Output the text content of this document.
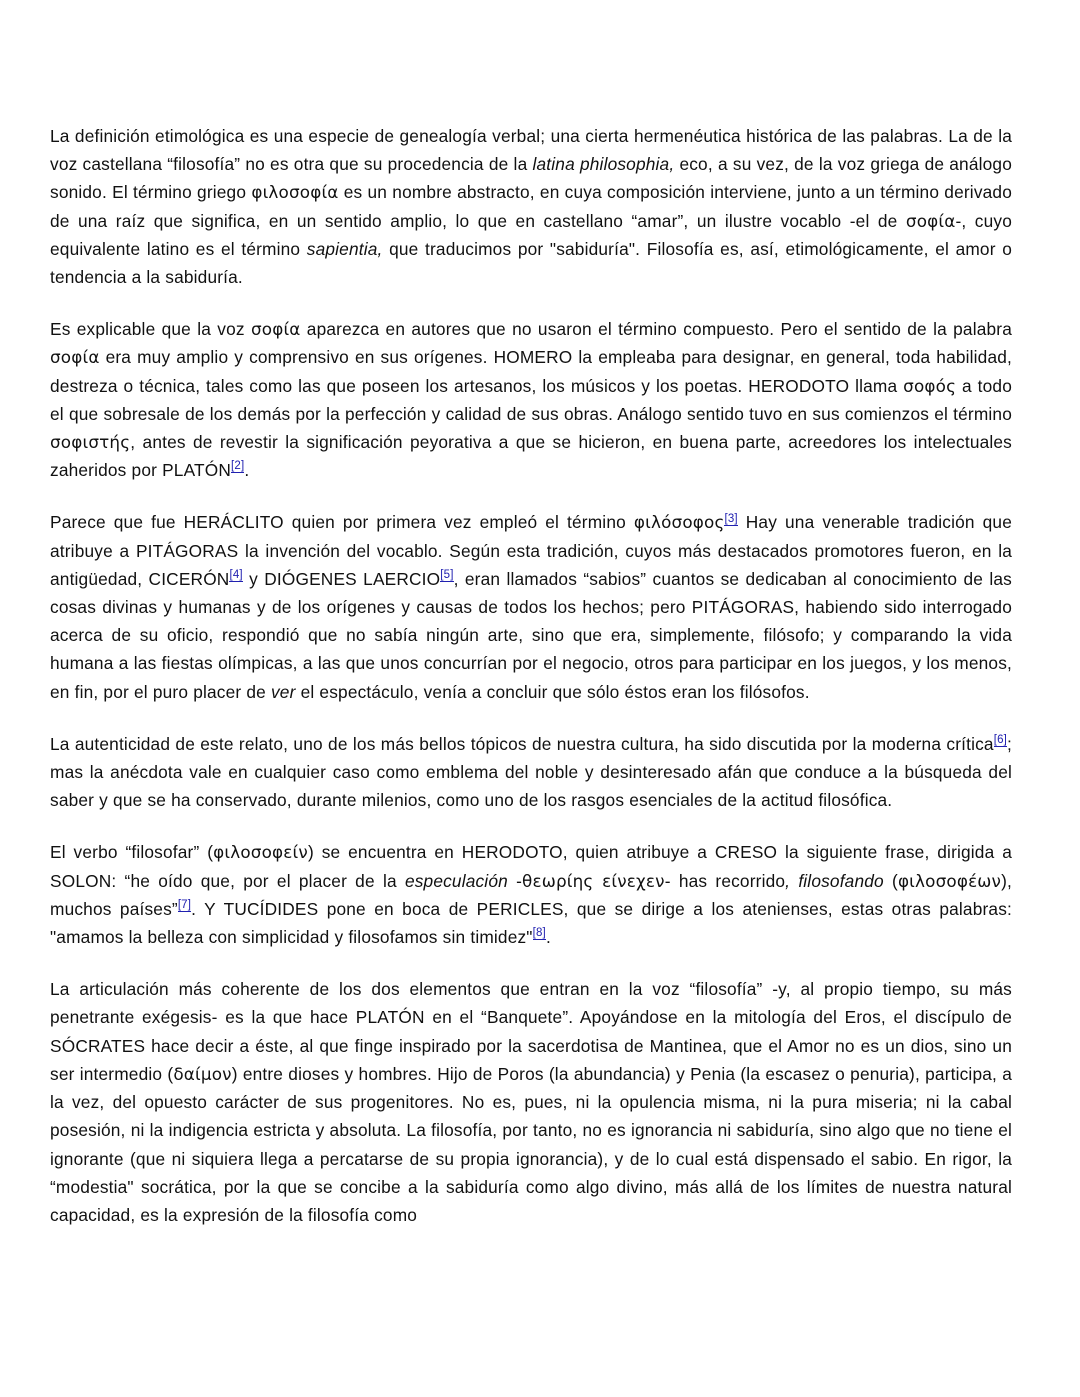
La definición etimológica es una especie de genealogía verbal; una cierta hermenéutica histórica de las palabras. La de la voz castellana “filosofía” no es otra que su procedencia de la latina philosophia, eco, a su vez, de la voz griega de análogo sonido. El término griego φιλοσοφία es un nombre abstracto, en cuya composición interviene, junto a un término derivado de una raíz que significa, en un sentido amplio, lo que en castellano “amar”, un ilustre vocablo -el de σοφία-, cuyo equivalente latino es el término sapientia, que traducimos por "sabiduría". Filosofía es, así, etimológicamente, el amor o tendencia a la sabiduría.

Es explicable que la voz σοφία aparezca en autores que no usaron el término compuesto. Pero el sentido de la palabra σοφία era muy amplio y comprensivo en sus orígenes. HOMERO la empleaba para designar, en general, toda habilidad, destreza o técnica, tales como las que poseen los artesanos, los músicos y los poetas. HERODOTO llama σοφός a todo el que sobresale de los demás por la perfección y calidad de sus obras. Análogo sentido tuvo en sus comienzos el término σοφιστής, antes de revestir la significación peyorativa a que se hicieron, en buena parte, acreedores los intelectuales zaheridos por PLATÓN[2].

Parece que fue HERÁCLITO quien por primera vez empleó el término φιλόσοφος[3] Hay una venerable tradición que atribuye a PITÁGORAS la invención del vocablo. Según esta tradición, cuyos más destacados promotores fueron, en la antigüedad, CICERÓN[4] y DIÓGENES LAERCIO[5], eran llamados “sabios” cuantos se dedicaban al conocimiento de las cosas divinas y humanas y de los orígenes y causas de todos los hechos; pero PITÁGORAS, habiendo sido interrogado acerca de su oficio, respondió que no sabía ningún arte, sino que era, simplemente, filósofo; y comparando la vida humana a las fiestas olímpicas, a las que unos concurrían por el negocio, otros para participar en los juegos, y los menos, en fin, por el puro placer de ver el espectáculo, venía a concluir que sólo éstos eran los filósofos.

La autenticidad de este relato, uno de los más bellos tópicos de nuestra cultura, ha sido discutida por la moderna crítica[6]; mas la anécdota vale en cualquier caso como emblema del noble y desinteresado afán que conduce a la búsqueda del saber y que se ha conservado, durante milenios, como uno de los rasgos esenciales de la actitud filosófica.

El verbo “filosofar” (φιλοσοφείν) se encuentra en HERODOTO, quien atribuye a CRESO la siguiente frase, dirigida a SOLON: “he oído que, por el placer de la especulación -θεωρίης είνεχεν- has recorrido, filosofando (φιλοσοφέων), muchos países”[7]. Y TUCÍDIDES pone en boca de PERICLES, que se dirige a los atenienses, estas otras palabras: "amamos la belleza con simplicidad y filosofamos sin timidez"[8].

La articulación más coherente de los dos elementos que entran en la voz “filosofía” -y, al propio tiempo, su más penetrante exégesis- es la que hace PLATÓN en el “Banquete”. Apoyándose en la mitología del Eros, el discípulo de SÓCRATES hace decir a éste, al que finge inspirado por la sacerdotisa de Mantinea, que el Amor no es un dios, sino un ser intermedio (δαίμον) entre dioses y hombres. Hijo de Poros (la abundancia) y Penia (la escasez o penuria), participa, a la vez, del opuesto carácter de sus progenitores. No es, pues, ni la opulencia misma, ni la pura miseria; ni la cabal posesión, ni la indigencia estricta y absoluta. La filosofía, por tanto, no es ignorancia ni sabiduría, sino algo que no tiene el ignorante (que ni siquiera llega a percatarse de su propia ignorancia), y de lo cual está dispensado el sabio. En rigor, la “modestia" socrática, por la que se concibe a la sabiduría como algo divino, más allá de los límites de nuestra natural capacidad, es la expresión de la filosofía como
